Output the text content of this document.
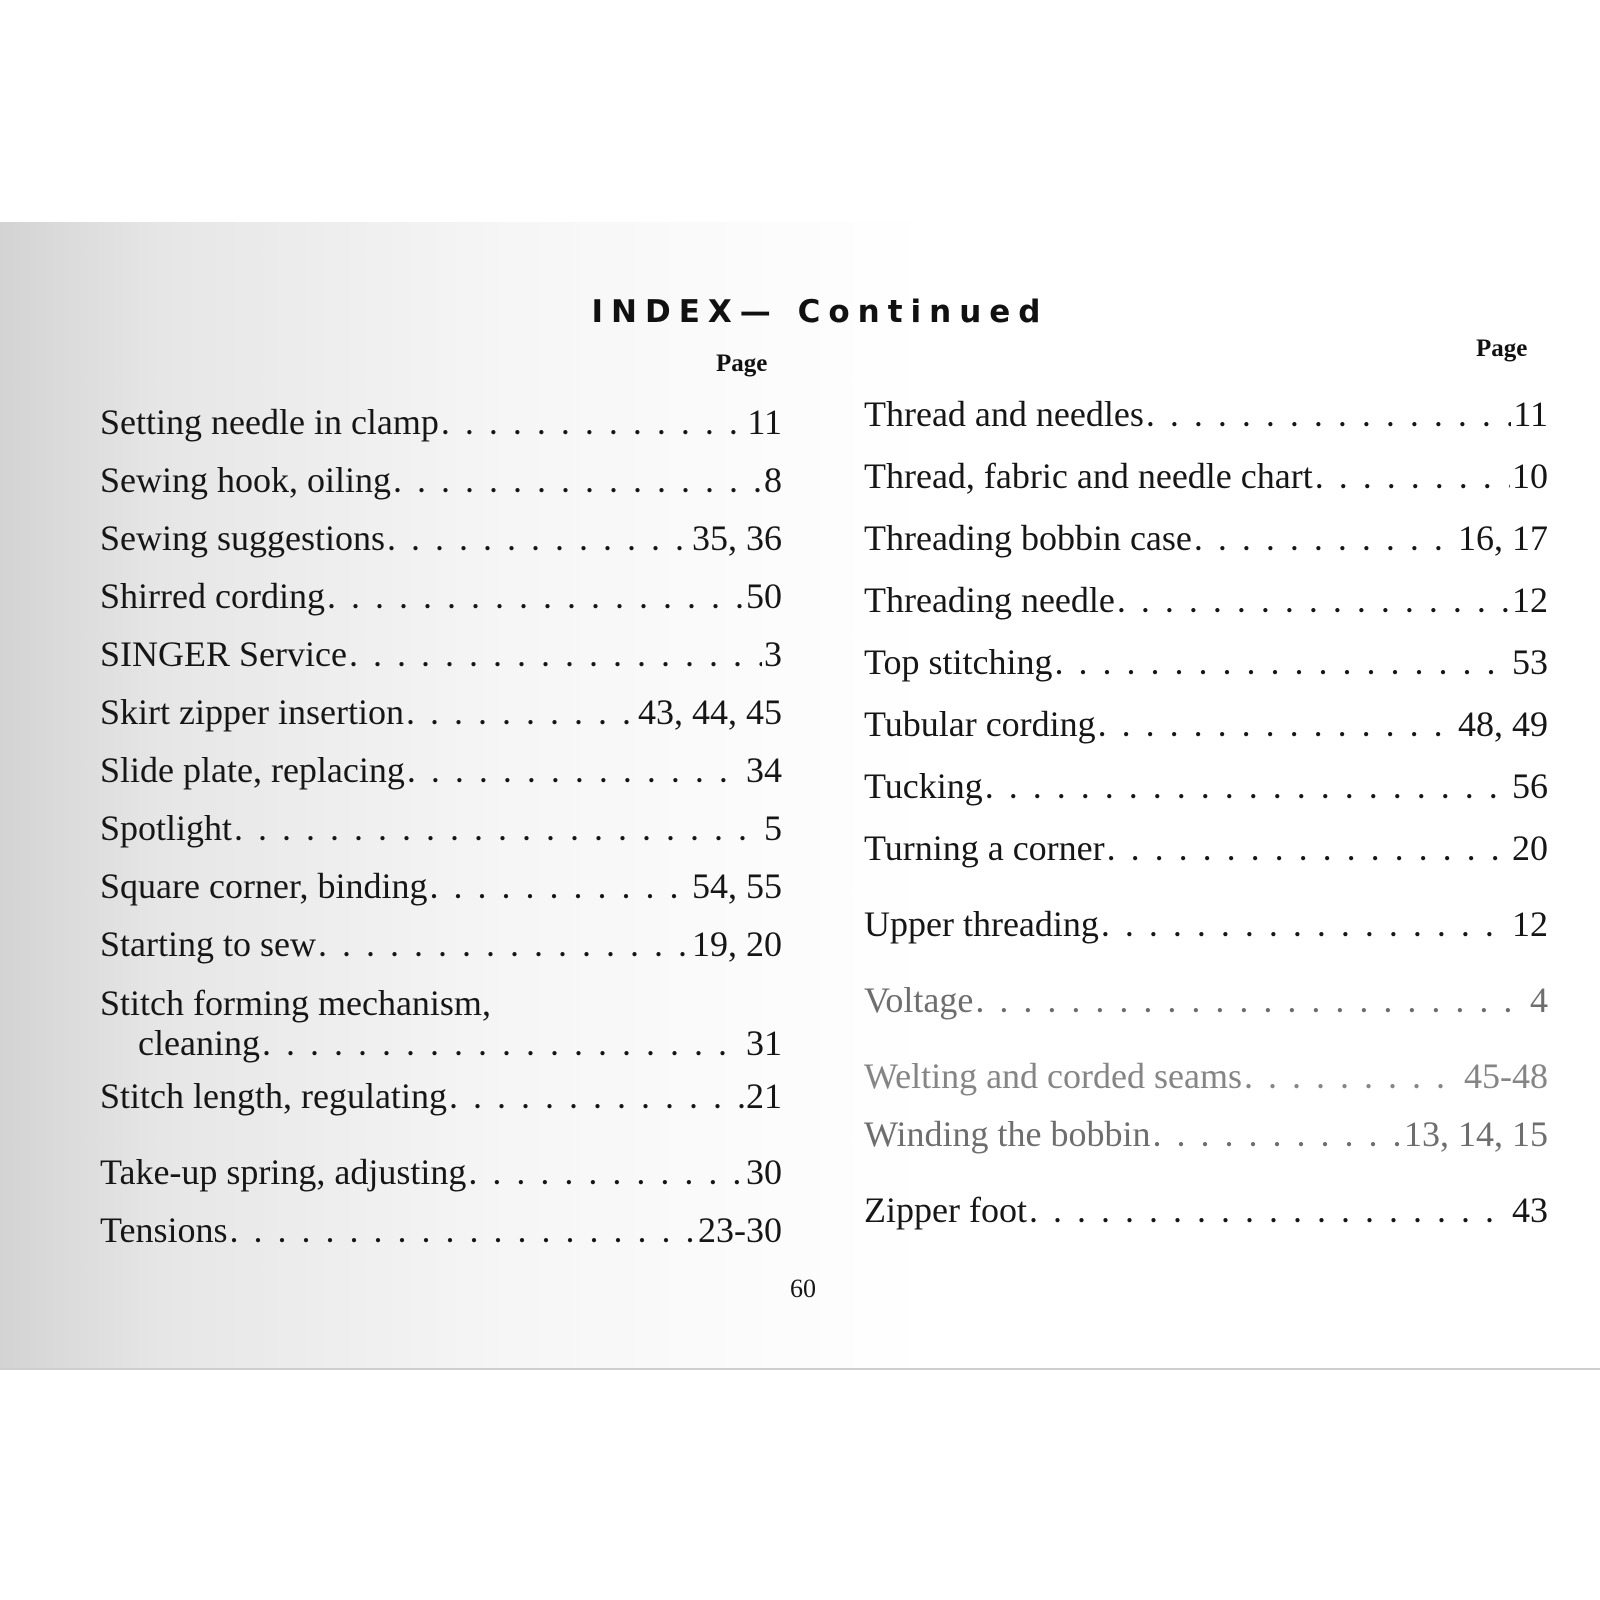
INDEX— Continued
Page
Page
Setting needle in clamp . . .	11
Sewing hook, oiling . . .	8
Sewing suggestions . . .	35, 36
Shirred cording . . .	50
SINGER Service . . .	3
Skirt zipper insertion . . .	43, 44, 45
Slide plate, replacing . . .	34
Spotlight . . .	5
Square corner, binding . . .	54, 55
Starting to sew . . .	19, 20
Stitch forming mechanism,
cleaning . . .	31
Stitch length, regulating . . .	21
Take-up spring, adjusting . . .	30
Tensions . . .	23-30
Thread and needles . . .	11
Thread, fabric and needle chart . . .	10
Threading bobbin case . . .	16, 17
Threading needle . . .	12
Top stitching . . .	53
Tubular cording . . .	48, 49
Tucking . . .	56
Turning a corner . . .	20
Upper threading . . .	12
Voltage . . .	4
Welting and corded seams . . .	45-48
Winding the bobbin . . .	13, 14, 15
Zipper foot . . .	43
60
